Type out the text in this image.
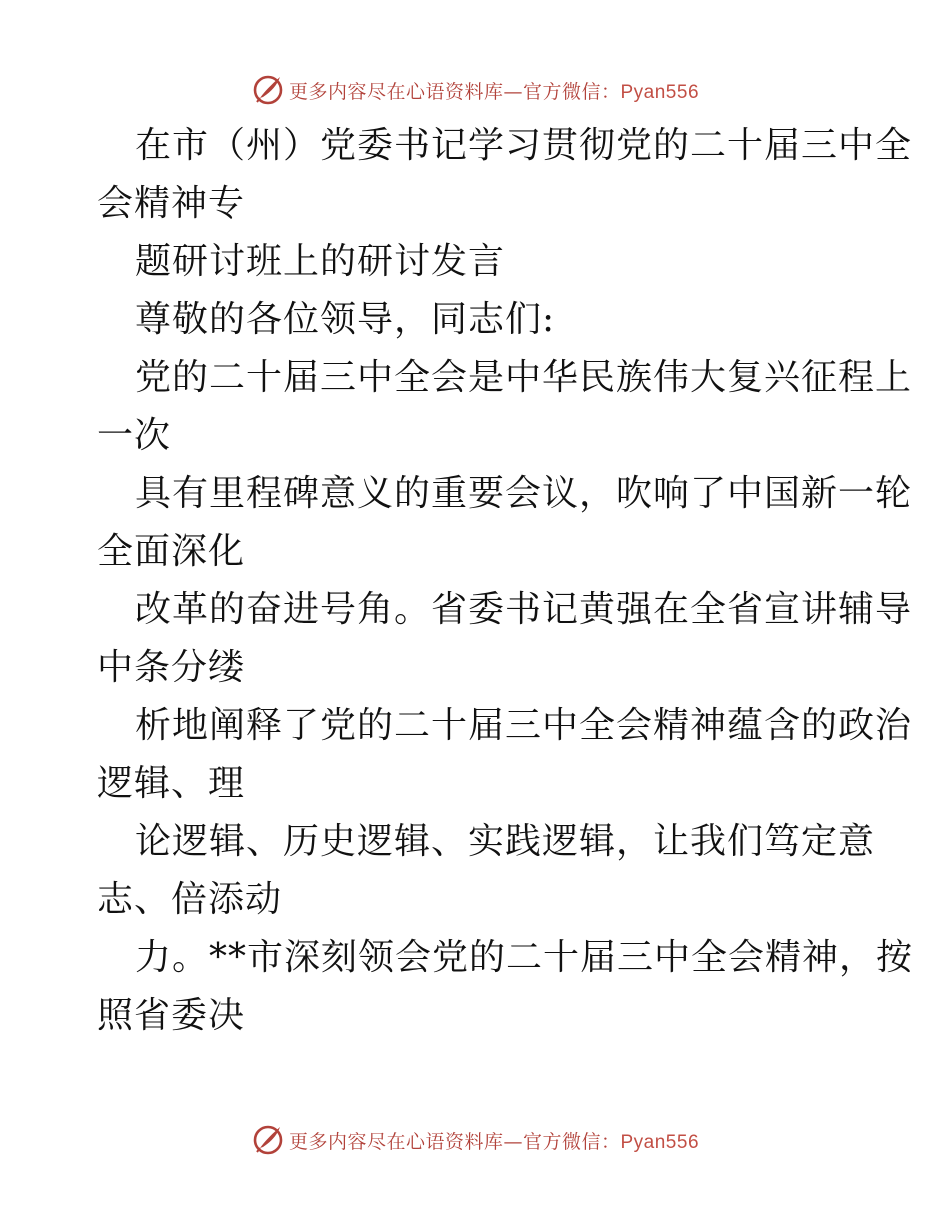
更多内容尽在心语资料库—官方微信：Pyan556
在市（州）党委书记学习贯彻党的二十届三中全
会精神专
题研讨班上的研讨发言
尊敬的各位领导，同志们:
党的二十届三中全会是中华民族伟大复兴征程上
一次
具有里程碑意义的重要会议，吹响了中国新一轮
全面深化
改革的奋进号角。省委书记黄强在全省宣讲辅导
中条分缕
析地阐释了党的二十届三中全会精神蕴含的政治
逻辑、理
论逻辑、历史逻辑、实践逻辑，让我们笃定意
志、倍添动
力。**市深刻领会党的二十届三中全会精神，按
照省委决
更多内容尽在心语资料库—官方微信：Pyan556
